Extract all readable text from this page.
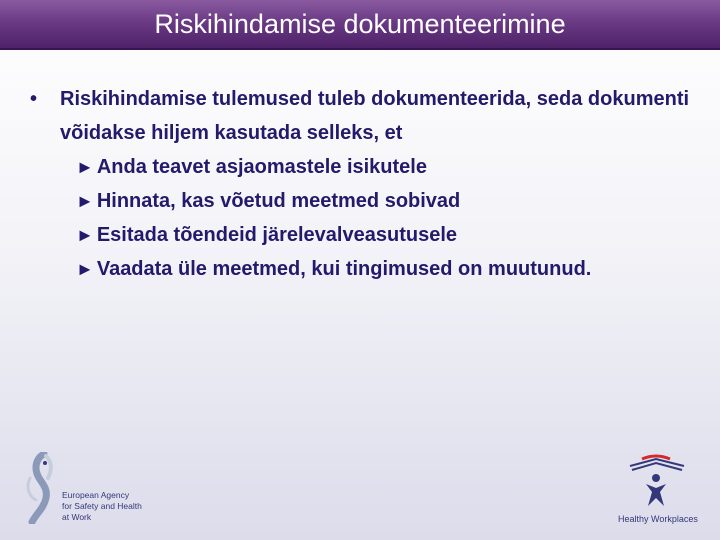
Riskihindamise dokumenteerimine
•	Riskihindamise tulemused tuleb dokumenteerida, seda dokumenti võidakse hiljem kasutada selleks, et
► Anda teavet asjaomastele isikutele
► Hinnata, kas võetud meetmed sobivad
► Esitada tõendeid järelevalveasutusele
► Vaadata üle meetmed, kui tingimused on muutunud.
European Agency
for Safety and Health
at Work	Healthy Workplaces
